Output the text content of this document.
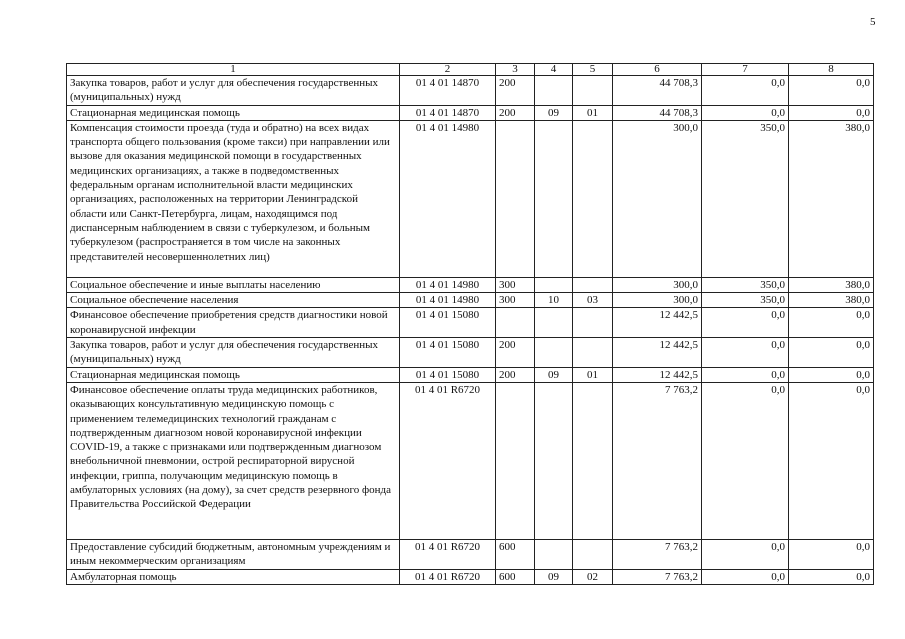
5
1	2	3	4	5	6	7	8
Закупка товаров, работ и услуг для обеспечения государственных (муниципальных) нужд	01 4 01 14870	200			44 708,3	0,0	0,0
Стационарная медицинская помощь	01 4 01 14870	200	09	01	44 708,3	0,0	0,0
Компенсация стоимости проезда (туда и обратно) на всех видах транспорта общего пользования (кроме такси) при направлении или вызове для оказания медицинской помощи в государственных медицинских организациях, а также в подведомственных федеральным органам исполнительной власти медицинских организациях, расположенных на территории Ленинградской области или Санкт-Петербурга, лицам, находящимся под диспансерным наблюдением в связи с туберкулезом, и больным туберкулезом (распространяется в том числе на законных представителей несовершеннолетних лиц)	01 4 01 14980				300,0	350,0	380,0
Социальное обеспечение и иные выплаты населению	01 4 01 14980	300			300,0	350,0	380,0
Социальное обеспечение населения	01 4 01 14980	300	10	03	300,0	350,0	380,0
Финансовое обеспечение приобретения средств диагностики новой коронавирусной инфекции	01 4 01 15080				12 442,5	0,0	0,0
Закупка товаров, работ и услуг для обеспечения государственных (муниципальных) нужд	01 4 01 15080	200			12 442,5	0,0	0,0
Стационарная медицинская помощь	01 4 01 15080	200	09	01	12 442,5	0,0	0,0
Финансовое обеспечение оплаты труда медицинских работников, оказывающих консультативную медицинскую помощь с применением телемедицинских технологий гражданам с подтвержденным диагнозом новой коронавирусной инфекции COVID-19, а также с признаками или подтвержденным диагнозом внебольничной пневмонии, острой респираторной вирусной инфекции, гриппа, получающим медицинскую помощь в амбулаторных условиях (на дому), за счет средств резервного фонда Правительства Российской Федерации	01 4 01 R6720				7 763,2	0,0	0,0
Предоставление субсидий бюджетным, автономным учреждениям и иным некоммерческим организациям	01 4 01 R6720	600			7 763,2	0,0	0,0
Амбулаторная помощь	01 4 01 R6720	600	09	02	7 763,2	0,0	0,0
